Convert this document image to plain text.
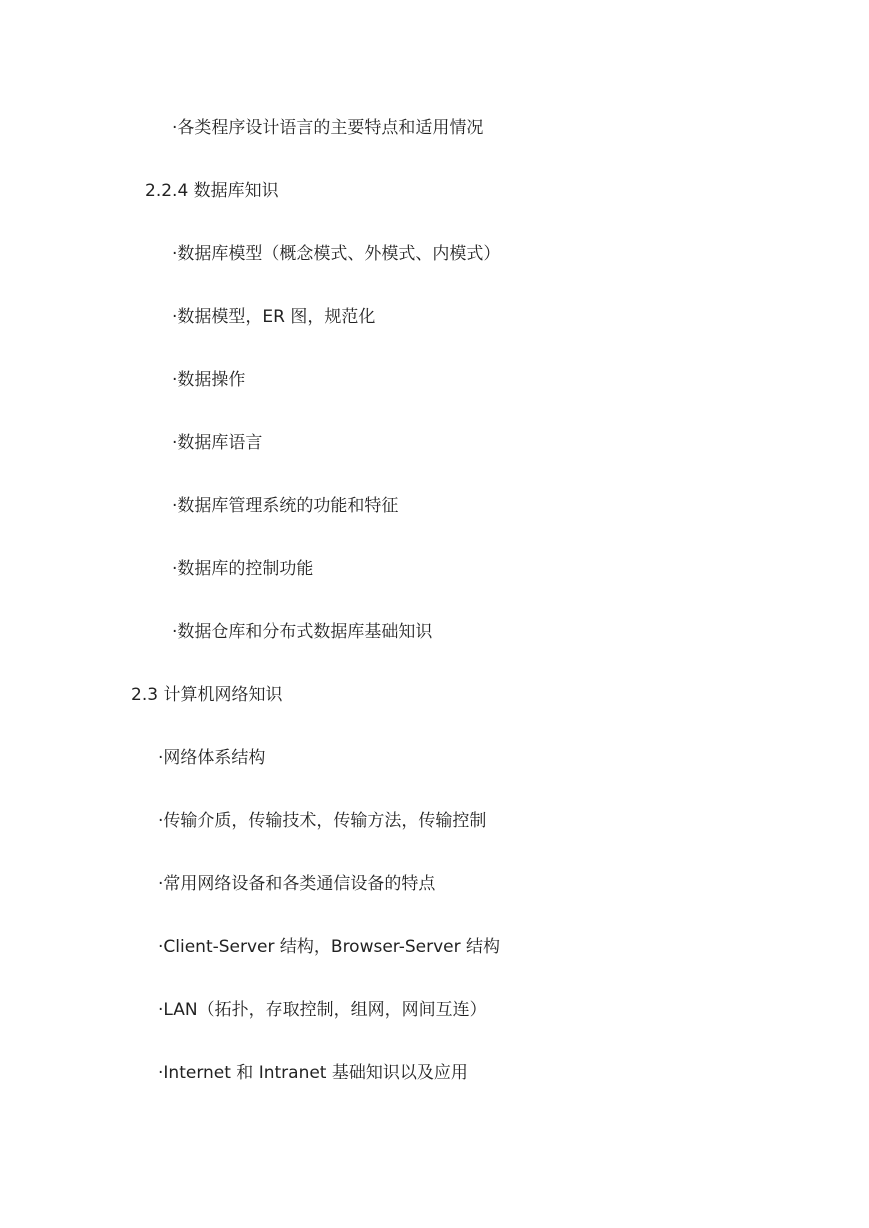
·各类程序设计语言的主要特点和适用情况
2.2.4 数据库知识
·数据库模型（概念模式、外模式、内模式）
·数据模型，ER 图，规范化
·数据操作
·数据库语言
·数据库管理系统的功能和特征
·数据库的控制功能
·数据仓库和分布式数据库基础知识
2.3 计算机网络知识
·网络体系结构
·传输介质，传输技术，传输方法，传输控制
·常用网络设备和各类通信设备的特点
·Client-Server 结构，Browser-Server 结构
·LAN（拓扑，存取控制，组网，网间互连）
·Internet 和 Intranet 基础知识以及应用
